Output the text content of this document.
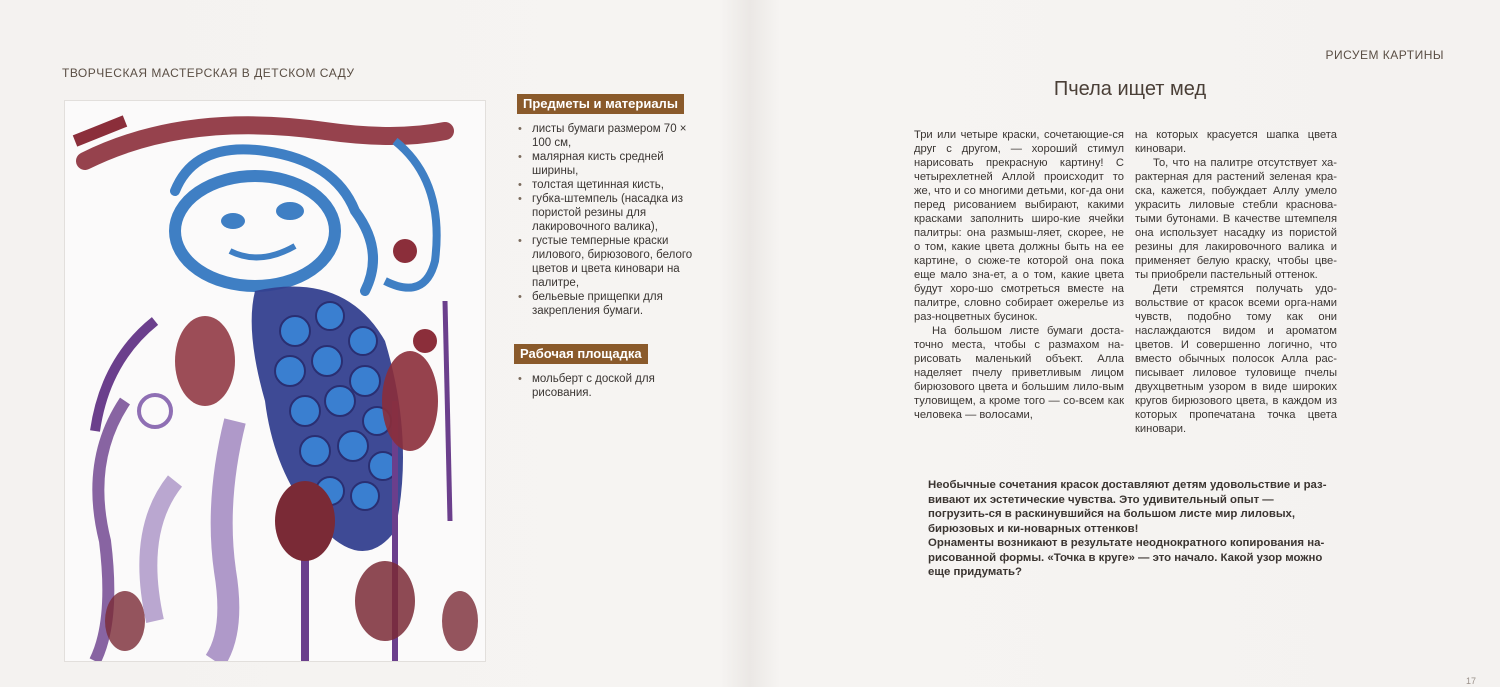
ТВОРЧЕСКАЯ МАСТЕРСКАЯ В ДЕТСКОМ САДУ
РИСУЕМ КАРТИНЫ
Предметы и материалы
• листы бумаги размером 70 × 100 см,
• малярная кисть средней ширины,
• толстая щетинная кисть,
• губка-штемпель (насадка из пористой резины для лакировочного валика),
• густые темперные краски лилового, бирюзового, белого цветов и цвета киновари на палитре,
• бельевые прищепки для закрепления бумаги.
Рабочая площадка
• мольберт с доской для рисования.
Пчела ищет мед

Три или четыре краски, сочетающие-ся друг с другом, — хороший стимул нарисовать прекрасную картину! С четырехлетней Аллой происходит то же, что и со многими детьми, ког-да они перед рисованием выбирают, какими красками заполнить широ-кие ячейки палитры: она размыш-ляет, скорее, не о том, какие цвета должны быть на ее картине, о сюже-те которой она пока еще мало зна-ет, а о том, какие цвета будут хоро-шо смотреться вместе на палитре, словно собирает ожерелье из раз-ноцветных бусинок.

На большом листе бумаги доста-точно места, чтобы с размахом на-рисовать маленький объект. Алла наделяет пчелу приветливым лицом бирюзового цвета и большим лило-вым туловищем, а кроме того — со-всем как человека — волосами,

на которых красуется шапка цвета киновари.

То, что на палитре отсутствует ха-рактерная для растений зеленая кра-ска, кажется, побуждает Аллу умело украсить лиловые стебли краснова-тыми бутонами. В качестве штемпеля она использует насадку из пористой резины для лакировочного валика и применяет белую краску, чтобы цве-ты приобрели пастельный оттенок.

Дети стремятся получать удо-вольствие от красок всеми орга-нами чувств, подобно тому как они наслаждаются видом и ароматом цветов. И совершенно логично, что вместо обычных полосок Алла рас-писывает лиловое туловище пчелы двухцветным узором в виде широких кругов бирюзового цвета, в каждом из которых пропечатана точка цвета киновари.

Необычные сочетания красок доставляют детям удовольствие и раз-вивают их эстетические чувства. Это удивительный опыт — погрузить-ся в раскинувшийся на большом листе мир лиловых, бирюзовых и ки-новарных оттенков!

Орнаменты возникают в результате неоднократного копирования на-рисованной формы. «Точка в круге» — это начало. Какой узор можно еще придумать?

17
